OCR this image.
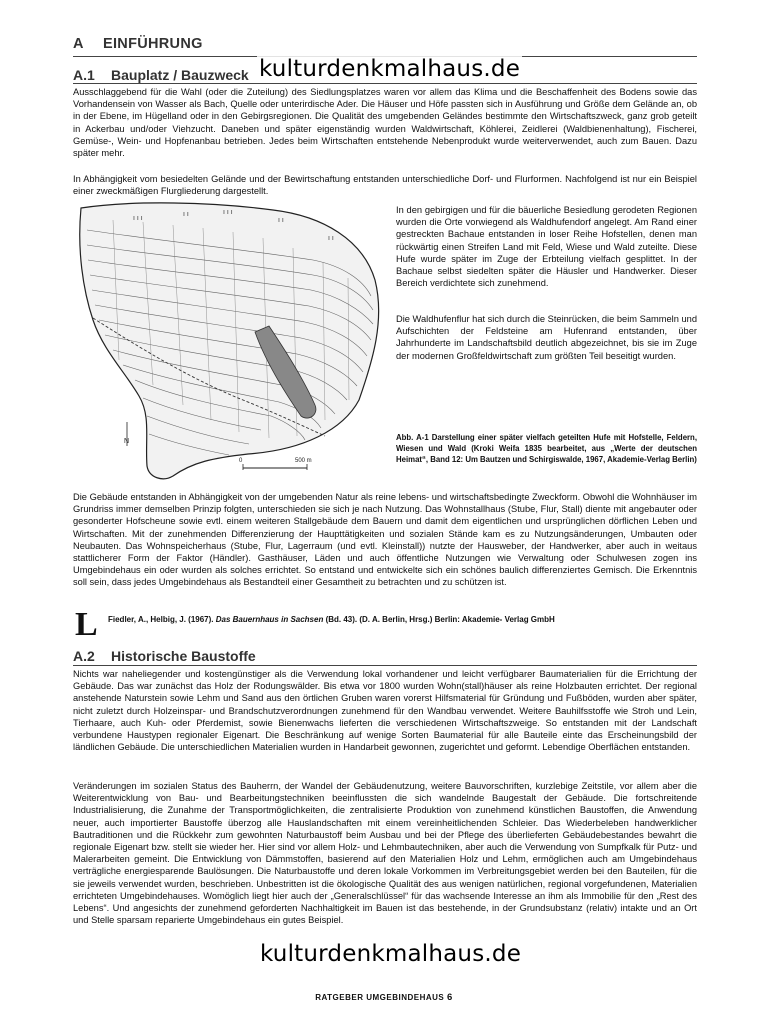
A EINFÜHRUNG
A.1 Bauplatz / Bauzweck kulturdenkmalhaus.de
Ausschlaggebend für die Wahl (oder die Zuteilung) des Siedlungsplatzes waren vor allem das Klima und die Beschaffenheit des Bodens sowie das Vorhandensein von Wasser als Bach, Quelle oder unterirdische Ader. Die Häuser und Höfe passten sich in Ausführung und Größe dem Gelände an, ob in der Ebene, im Hügelland oder in den Gebirgsregionen. Die Qualität des umgebenden Geländes bestimmte den Wirtschaftszweck, ganz grob geteilt in Ackerbau und/oder Viehzucht. Daneben und später eigenständig wurden Waldwirtschaft, Köhlerei, Zeidlerei (Waldbienenhaltung), Fischerei, Gemüse-, Wein- und Hopfenanbau betrieben. Jedes beim Wirtschaften entstehende Nebenprodukt wurde weiterverwendet, auch zum Bauen. Dazu später mehr.
In Abhängigkeit vom besiedelten Gelände und der Bewirtschaftung entstanden unterschiedliche Dorf- und Flurformen. Nachfolgend ist nur ein Beispiel einer zweckmäßigen Flurgliederung dargestellt.
ı ı ı
ı ı	ı ı ı
ı ı
ı ı
N
0	500 m
In den gebirgigen und für die bäuerliche Besiedlung gerodeten Regionen wurden die Orte vorwiegend als Waldhufendorf angelegt. Am Rand einer gestreckten Bachaue entstanden in loser Reihe Hofstellen, denen man rückwärtig einen Streifen Land mit Feld, Wiese und Wald zuteilte. Diese Hufe wurde später im Zuge der Erbteilung vielfach gesplittet. In der Bachaue selbst siedelten später die Häusler und Handwerker. Dieser Bereich verdichtete sich zunehmend.
Die Waldhufenflur hat sich durch die Steinrücken, die beim Sammeln und Aufschichten der Feldsteine am Hufenrand entstanden, über Jahrhunderte im Landschaftsbild deutlich abgezeichnet, bis sie im Zuge der modernen Großfeldwirtschaft zum größten Teil beseitigt wurden.
Abb. A-1 Darstellung einer später vielfach geteilten Hufe mit Hofstelle, Feldern, Wiesen und Wald (Kroki Weifa 1835 bearbeitet, aus „Werte der deutschen Heimat“, Band 12: Um Bautzen und Schirgiswalde, 1967, Akademie-Verlag Berlin)
Die Gebäude entstanden in Abhängigkeit von der umgebenden Natur als reine lebens- und wirtschaftsbedingte Zweckform. Obwohl die Wohnhäuser im Grundriss immer demselben Prinzip folgten, unterschieden sie sich je nach Nutzung. Das Wohnstallhaus (Stube, Flur, Stall) diente mit angebauter oder gesonderter Hofscheune sowie evtl. einem weiteren Stallgebäude dem Bauern und damit dem eigentlichen und ursprünglichen dörflichen Leben und Wirtschaften. Mit der zunehmenden Differenzierung der Haupttätigkeiten und sozialen Stände kam es zu Nutzungsänderungen, Umbauten oder Neubauten. Das Wohnspeicherhaus (Stube, Flur, Lagerraum (und evtl. Kleinstall)) nutzte der Hausweber, der Handwerker, aber auch in weitaus stattlicherer Form der Faktor (Händler). Gasthäuser, Läden und auch öffentliche Nutzungen wie Verwaltung oder Schulwesen zogen ins Umgebindehaus ein oder wurden als solches errichtet. So entstand und entwickelte sich ein schönes baulich differenziertes Gemisch. Die Erkenntnis soll sein, dass jedes Umgebindehaus als Bestandteil einer Gesamtheit zu betrachten und zu schützen ist.
L	Fiedler, A., Helbig, J. (1967). Das Bauernhaus in Sachsen (Bd. 43). (D. A. Berlin, Hrsg.) Berlin: Akademie- Verlag GmbH
A.2 Historische Baustoffe
Nichts war naheliegender und kostengünstiger als die Verwendung lokal vorhandener und leicht verfügbarer Baumaterialien für die Errichtung der Gebäude. Das war zunächst das Holz der Rodungswälder. Bis etwa vor 1800 wurden Wohn(stall)häuser als reine Holzbauten errichtet. Der regional anstehende Naturstein sowie Lehm und Sand aus den örtlichen Gruben waren vorerst Hilfsmaterial für Gründung und Fußböden, wurden aber später, nicht zuletzt durch Holzeinspar- und Brandschutzverordnungen zunehmend für den Wandbau verwendet. Weitere Bauhilfsstoffe wie Stroh und Lein, Tierhaare, auch Kuh- oder Pferdemist, sowie Bienenwachs lieferten die verschiedenen Wirtschaftszweige. So entstanden mit der Landschaft verbundene Haustypen regionaler Eigenart. Die Beschränkung auf wenige Sorten Baumaterial für alle Bauteile einte das Erscheinungsbild der ländlichen Gebäude. Die unterschiedlichen Materialien wurden in Handarbeit gewonnen, zugerichtet und geformt. Lebendige Oberflächen entstanden.
Veränderungen im sozialen Status des Bauherrn, der Wandel der Gebäudenutzung, weitere Bauvorschriften, kurzlebige Zeitstile, vor allem aber die Weiterentwicklung von Bau- und Bearbeitungstechniken beeinflussten die sich wandelnde Baugestalt der Gebäude. Die fortschreitende Industrialisierung, die Zunahme der Transportmöglichkeiten, die zentralisierte Produktion von zunehmend künstlichen Baustoffen, die Anwendung neuer, auch importierter Baustoffe überzog alle Hauslandschaften mit einem vereinheitlichenden Schleier. Das Wiederbeleben handwerklicher Bautraditionen und die Rückkehr zum gewohnten Naturbaustoff beim Ausbau und bei der Pflege des überlieferten Gebäudebestandes bewahrt die regionale Eigenart bzw. stellt sie wieder her. Hier sind vor allem Holz- und Lehmbautechniken, aber auch die Verwendung von Sumpfkalk für Putz- und Malerarbeiten gemeint. Die Entwicklung von Dämmstoffen, basierend auf den Materialien Holz und Lehm, ermöglichen auch am Umgebindehaus verträgliche energiesparende Baulösungen. Die Naturbaustoffe und deren lokale Vorkommen im Verbreitungsgebiet werden bei den Bauteilen, für die sie jeweils verwendet wurden, beschrieben. Unbestritten ist die ökologische Qualität des aus wenigen natürlichen, regional vorgefundenen, Materialien errichteten Umgebindehauses. Womöglich liegt hier auch der „Generalschlüssel“ für das wachsende Interesse an ihm als Immobilie für den „Rest des Lebens“. Und angesichts der zunehmend geforderten Nachhaltigkeit im Bauen ist das bestehende, in der Grundsubstanz (relativ) intakte und an Ort und Stelle sparsam reparierte Umgebindehaus ein gutes Beispiel.
kulturdenkmalhaus.de
RATGEBER UMGEBINDEHAUS 6
